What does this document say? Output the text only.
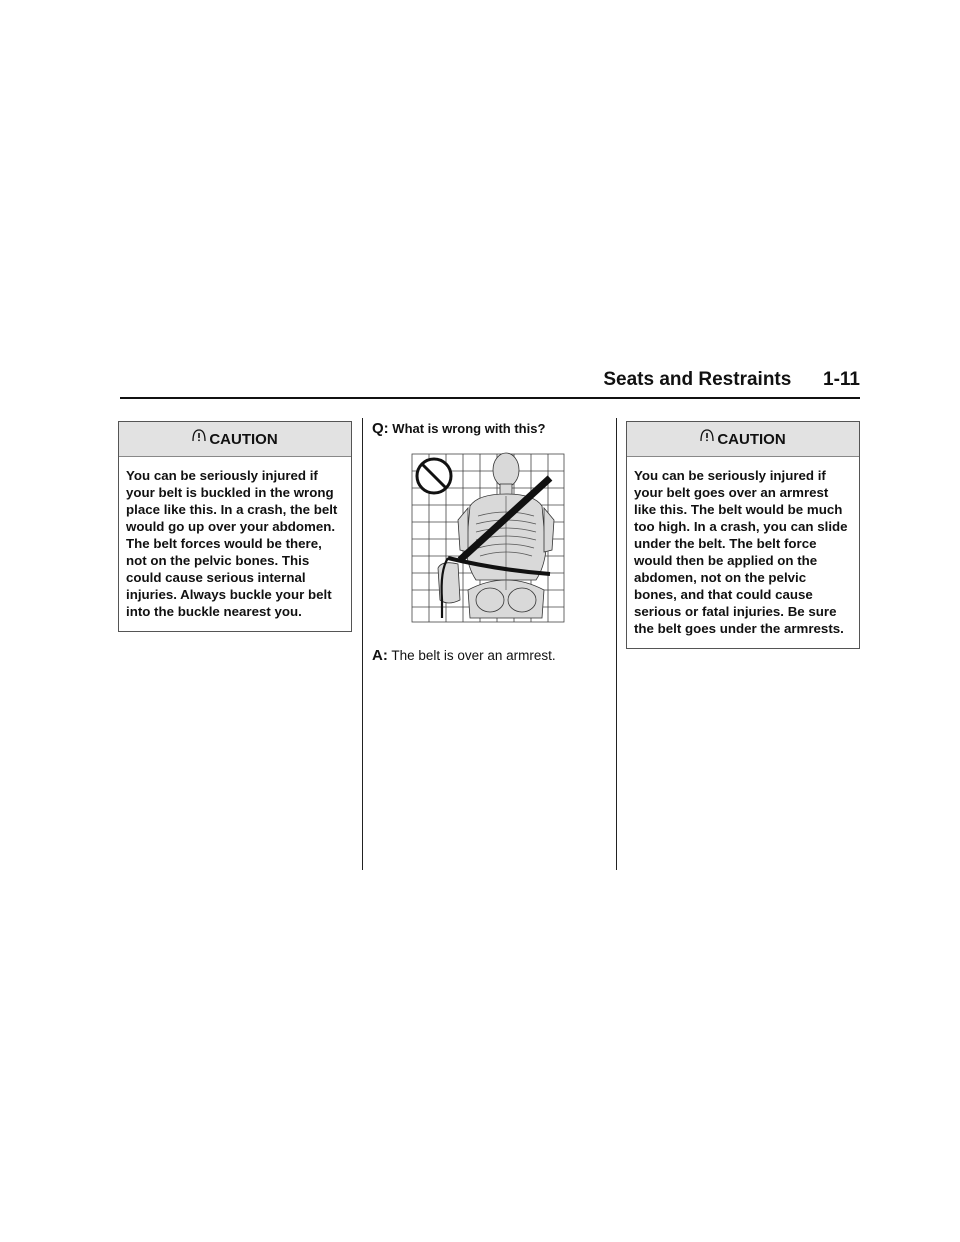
Seats and Restraints 1-11
CAUTION
You can be seriously injured if your belt is buckled in the wrong place like this. In a crash, the belt would go up over your abdomen. The belt forces would be there, not on the pelvic bones. This could cause serious internal injuries. Always buckle your belt into the buckle nearest you.
Q: What is wrong with this?
A: The belt is over an armrest.
CAUTION
You can be seriously injured if your belt goes over an armrest like this. The belt would be much too high. In a crash, you can slide under the belt. The belt force would then be applied on the abdomen, not on the pelvic bones, and that could cause serious or fatal injuries. Be sure the belt goes under the armrests.
